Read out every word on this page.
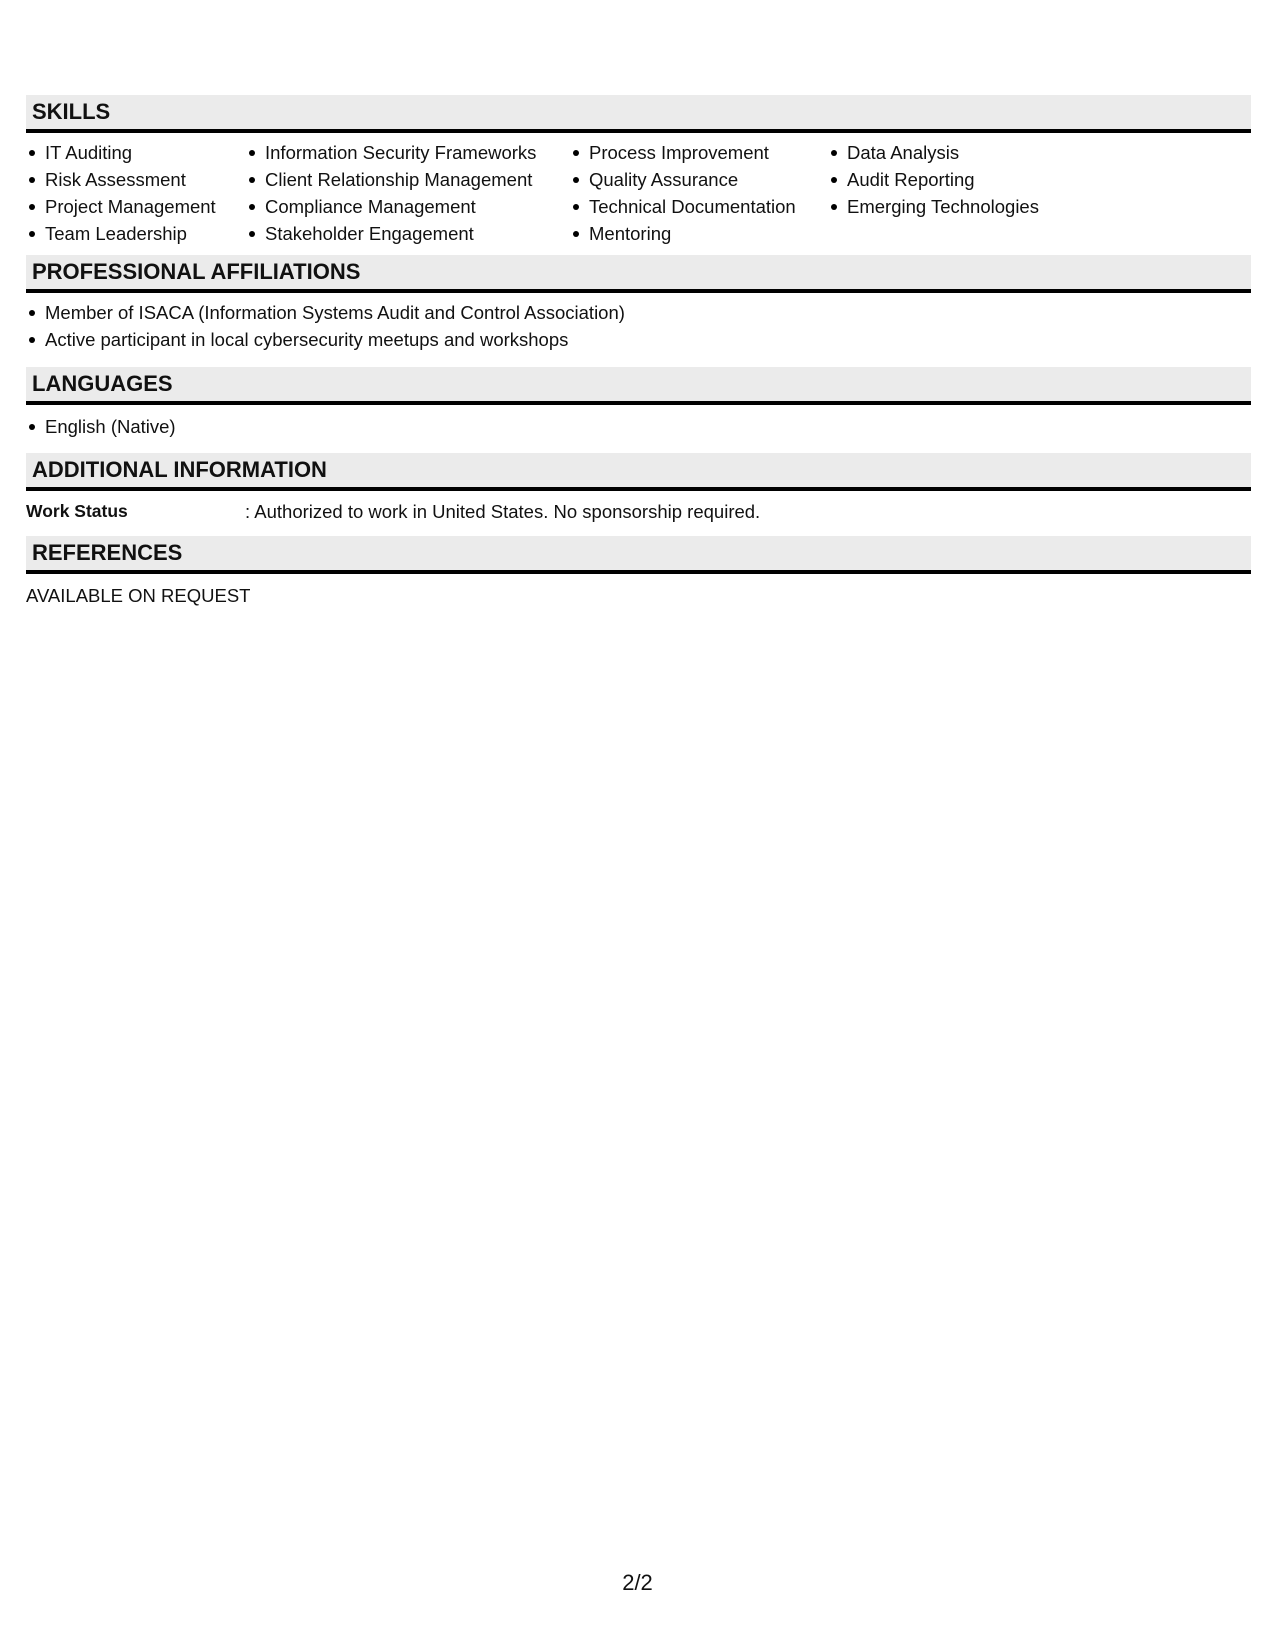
SKILLS
IT Auditing
Risk Assessment
Project Management
Team Leadership
Information Security Frameworks
Client Relationship Management
Compliance Management
Stakeholder Engagement
Process Improvement
Quality Assurance
Technical Documentation
Mentoring
Data Analysis
Audit Reporting
Emerging Technologies
PROFESSIONAL AFFILIATIONS
Member of ISACA (Information Systems Audit and Control Association)
Active participant in local cybersecurity meetups and workshops
LANGUAGES
English (Native)
ADDITIONAL INFORMATION
Work Status	: Authorized to work in United States. No sponsorship required.
REFERENCES
AVAILABLE ON REQUEST
2/2
